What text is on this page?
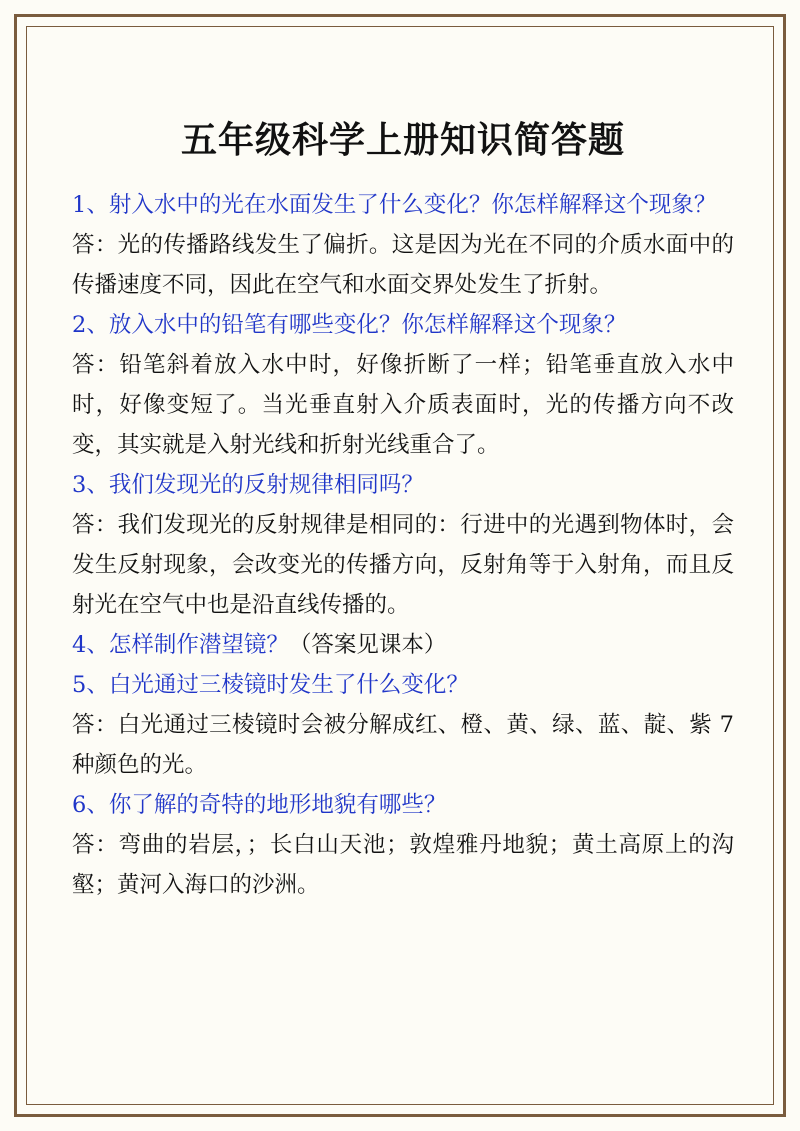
五年级科学上册知识简答题

1、射入水中的光在水面发生了什么变化？你怎样解释这个现象？

答：光的传播路线发生了偏折。这是因为光在不同的介质水面中的传播速度不同，因此在空气和水面交界处发生了折射。

2、放入水中的铅笔有哪些变化？你怎样解释这个现象？

答：铅笔斜着放入水中时，好像折断了一样；铅笔垂直放入水中时，好像变短了。当光垂直射入介质表面时，光的传播方向不改变，其实就是入射光线和折射光线重合了。

3、我们发现光的反射规律相同吗？

答：我们发现光的反射规律是相同的：行进中的光遇到物体时，会发生反射现象，会改变光的传播方向，反射角等于入射角，而且反射光在空气中也是沿直线传播的。

4、怎样制作潜望镜？（答案见课本）

5、白光通过三棱镜时发生了什么变化？

答：白光通过三棱镜时会被分解成红、橙、黄、绿、蓝、靛、紫 7 种颜色的光。

6、你了解的奇特的地形地貌有哪些？

答：弯曲的岩层，；长白山天池；敦煌雅丹地貌；黄土高原上的沟壑；黄河入海口的沙洲。
